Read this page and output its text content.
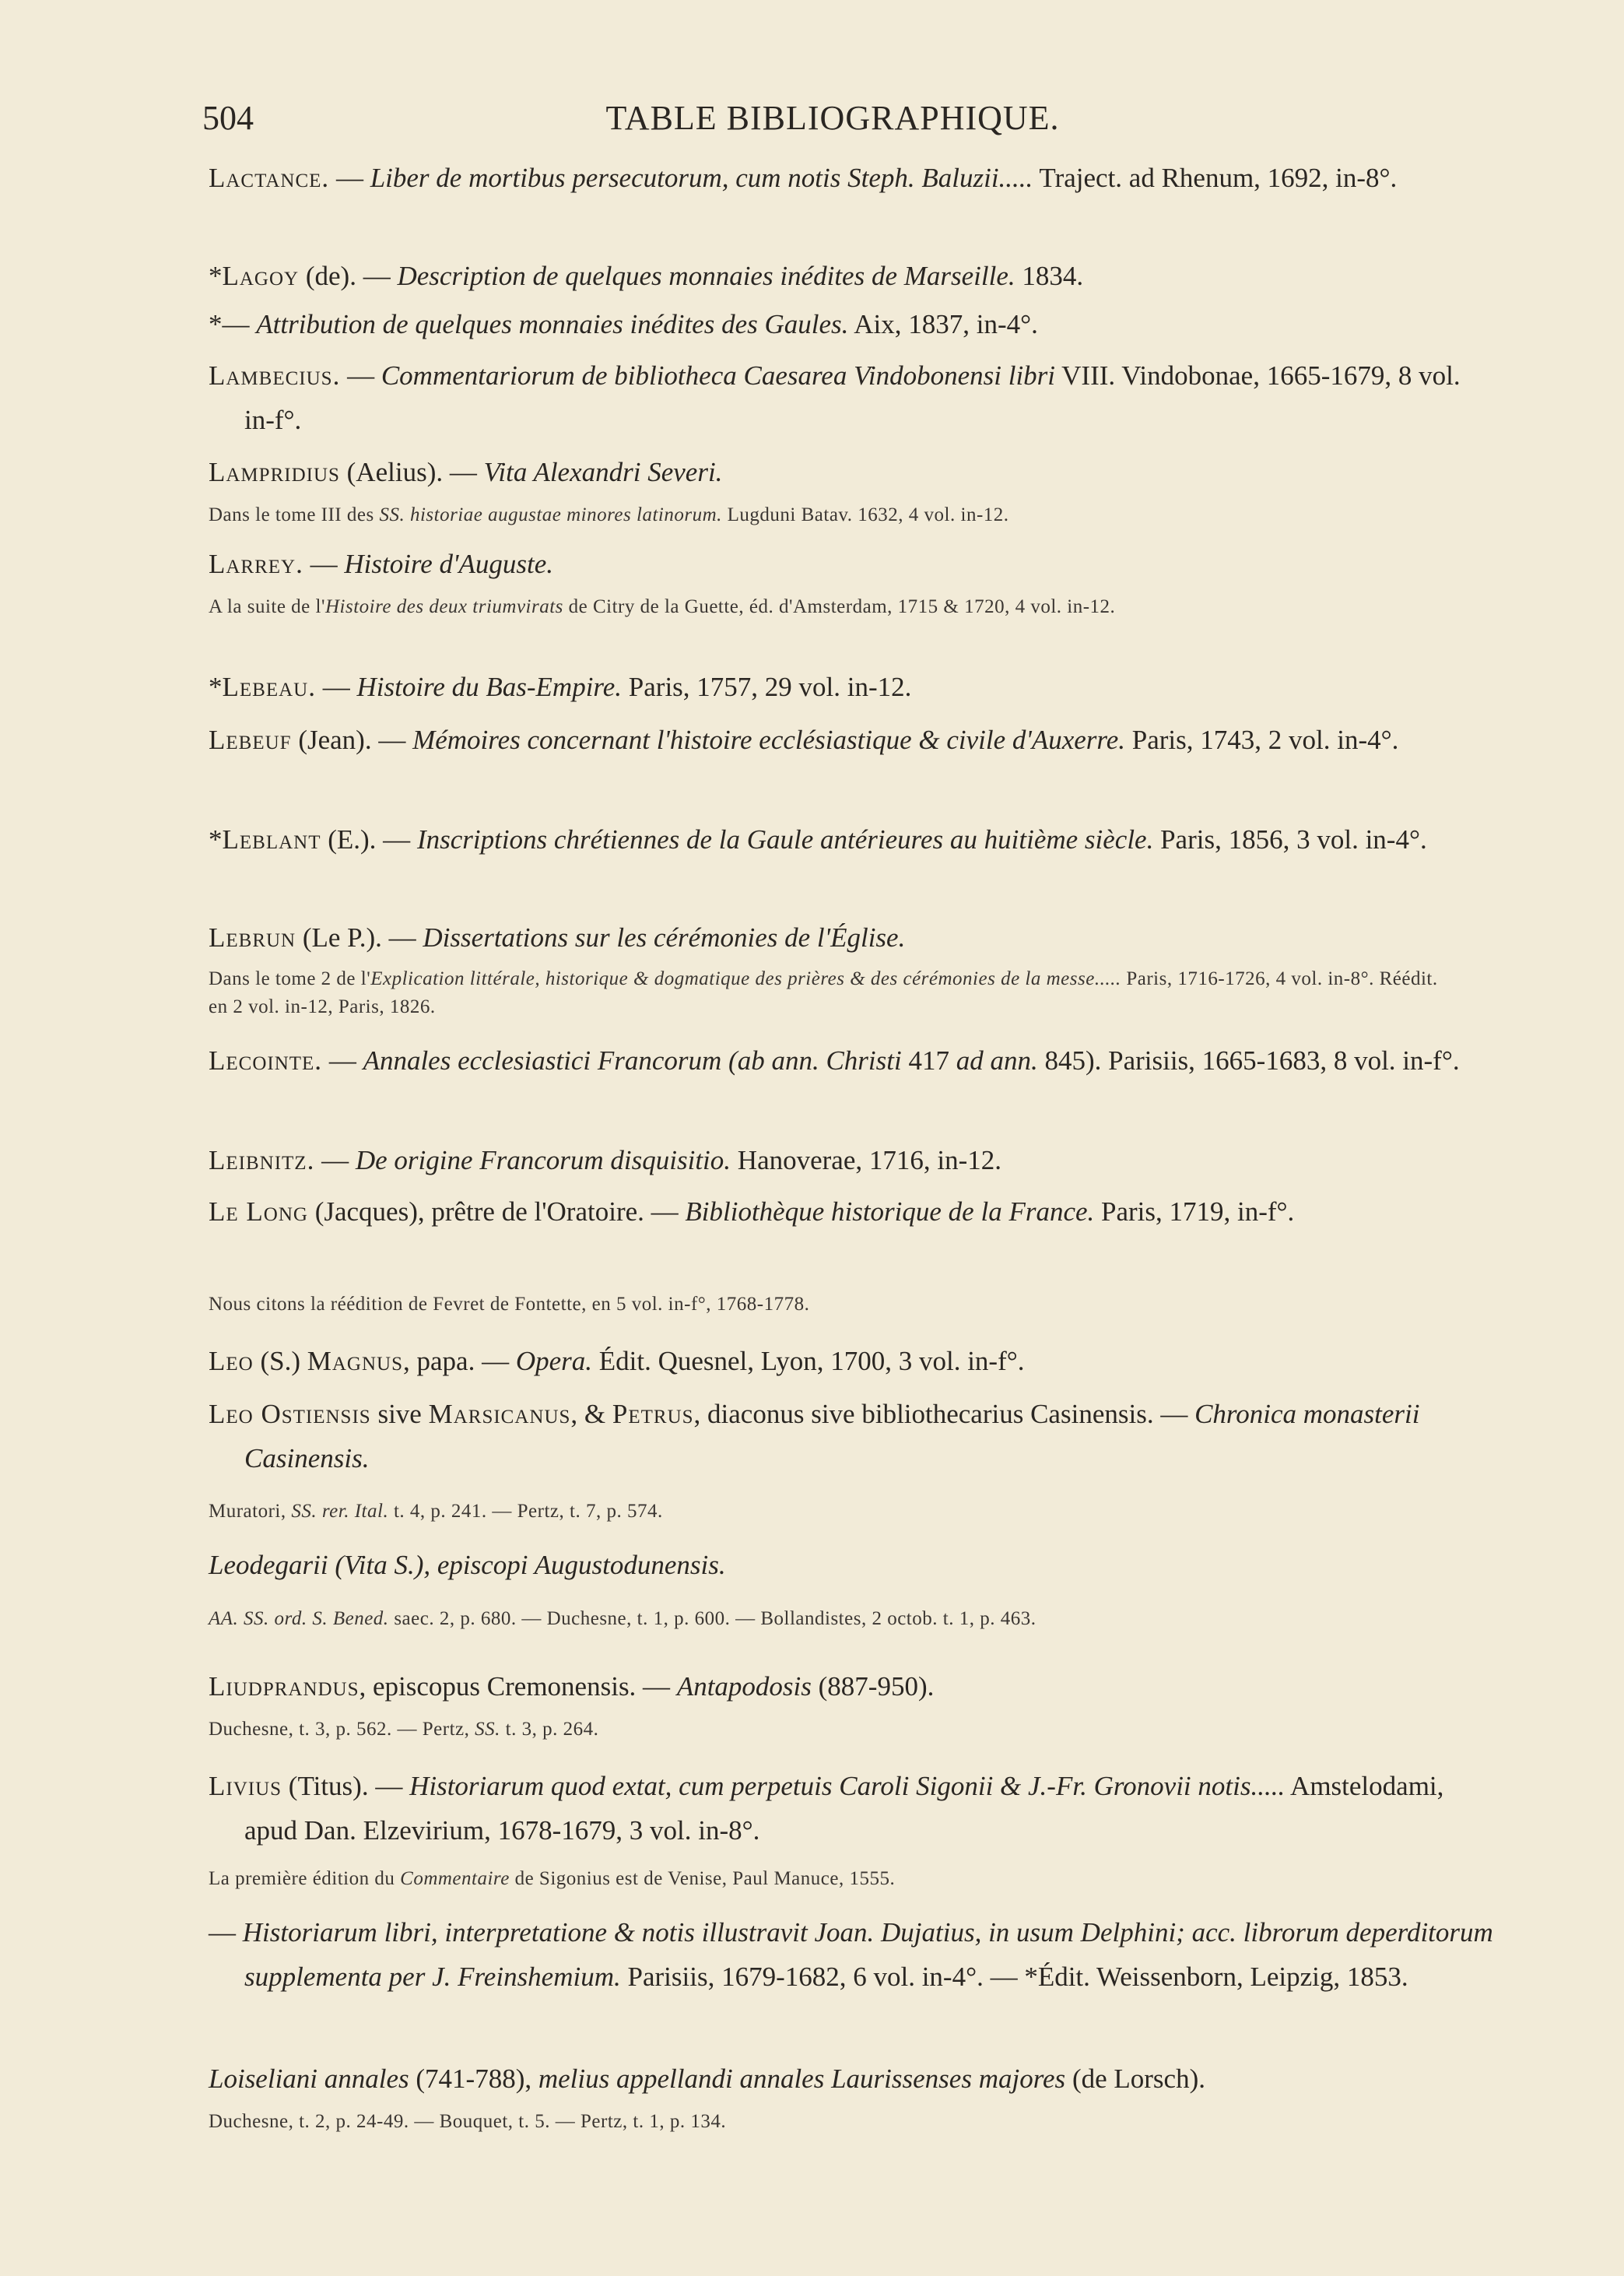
504	TABLE BIBLIOGRAPHIQUE.
Lactance. — Liber de mortibus persecutorum, cum notis Steph. Baluzii..... Traject. ad Rhenum, 1692, in-8°.
*Lagoy (de). — Description de quelques monnaies inédites de Marseille. 1834.
*— Attribution de quelques monnaies inédites des Gaules. Aix, 1837, in-4°.
Lambecius. — Commentariorum de bibliotheca Caesarea Vindobonensi libri VIII. Vindobonae, 1665-1679, 8 vol. in-f°.
Lampridius (Aelius). — Vita Alexandri Severi.
Dans le tome III des SS. historiae augustae minores latinorum. Lugduni Batav. 1632, 4 vol. in-12.
Larrey. — Histoire d'Auguste.
A la suite de l'Histoire des deux triumvirats de Citry de la Guette, éd. d'Amsterdam, 1715 & 1720, 4 vol. in-12.
*Lebeau. — Histoire du Bas-Empire. Paris, 1757, 29 vol. in-12.
Lebeuf (Jean). — Mémoires concernant l'histoire ecclésiastique & civile d'Auxerre. Paris, 1743, 2 vol. in-4°.
*Leblant (E.). — Inscriptions chrétiennes de la Gaule antérieures au huitième siècle. Paris, 1856, 3 vol. in-4°.
Lebrun (Le P.). — Dissertations sur les cérémonies de l'Église.
Dans le tome 2 de l'Explication littérale, historique & dogmatique des prières & des cérémonies de la messe..... Paris, 1716-1726, 4 vol. in-8°. Réédit. en 2 vol. in-12, Paris, 1826.
Lecointe. — Annales ecclesiastici Francorum (ab ann. Christi 417 ad ann. 845). Parisiis, 1665-1683, 8 vol. in-f°.
Leibnitz. — De origine Francorum disquisitio. Hanoverae, 1716, in-12.
Le Long (Jacques), prêtre de l'Oratoire. — Bibliothèque historique de la France. Paris, 1719, in-f°.
Nous citons la réédition de Fevret de Fontette, en 5 vol. in-f°, 1768-1778.
Leo (S.) Magnus, papa. — Opera. Édit. Quesnel, Lyon, 1700, 3 vol. in-f°.
Leo Ostiensis sive Marsicanus, & Petrus, diaconus sive bibliothecarius Casinensis. — Chronica monasterii Casinensis.
Muratori, SS. rer. Ital. t. 4, p. 241. — Pertz, t. 7, p. 574.
Leodegarii (Vita S.), episcopi Augustodunensis.
AA. SS. ord. S. Bened. saec. 2, p. 680. — Duchesne, t. 1, p. 600. — Bollandistes, 2 octob. t. 1, p. 463.
Liudprandus, episcopus Cremonensis. — Antapodosis (887-950).
Duchesne, t. 3, p. 562. — Pertz, SS. t. 3, p. 264.
Livius (Titus). — Historiarum quod extat, cum perpetuis Caroli Sigonii & J.-Fr. Gronovii notis..... Amstelodami, apud Dan. Elzevirium, 1678-1679, 3 vol. in-8°.
La première édition du Commentaire de Sigonius est de Venise, Paul Manuce, 1555.
— Historiarum libri, interpretatione & notis illustravit Joan. Dujatius, in usum Delphini; acc. librorum deperditorum supplementa per J. Freinshemium. Parisiis, 1679-1682, 6 vol. in-4°. — *Édit. Weissenborn, Leipzig, 1853.
Loiseliani annales (741-788), melius appellandi annales Laurissenses majores (de Lorsch).
Duchesne, t. 2, p. 24-49. — Bouquet, t. 5. — Pertz, t. 1, p. 134.
